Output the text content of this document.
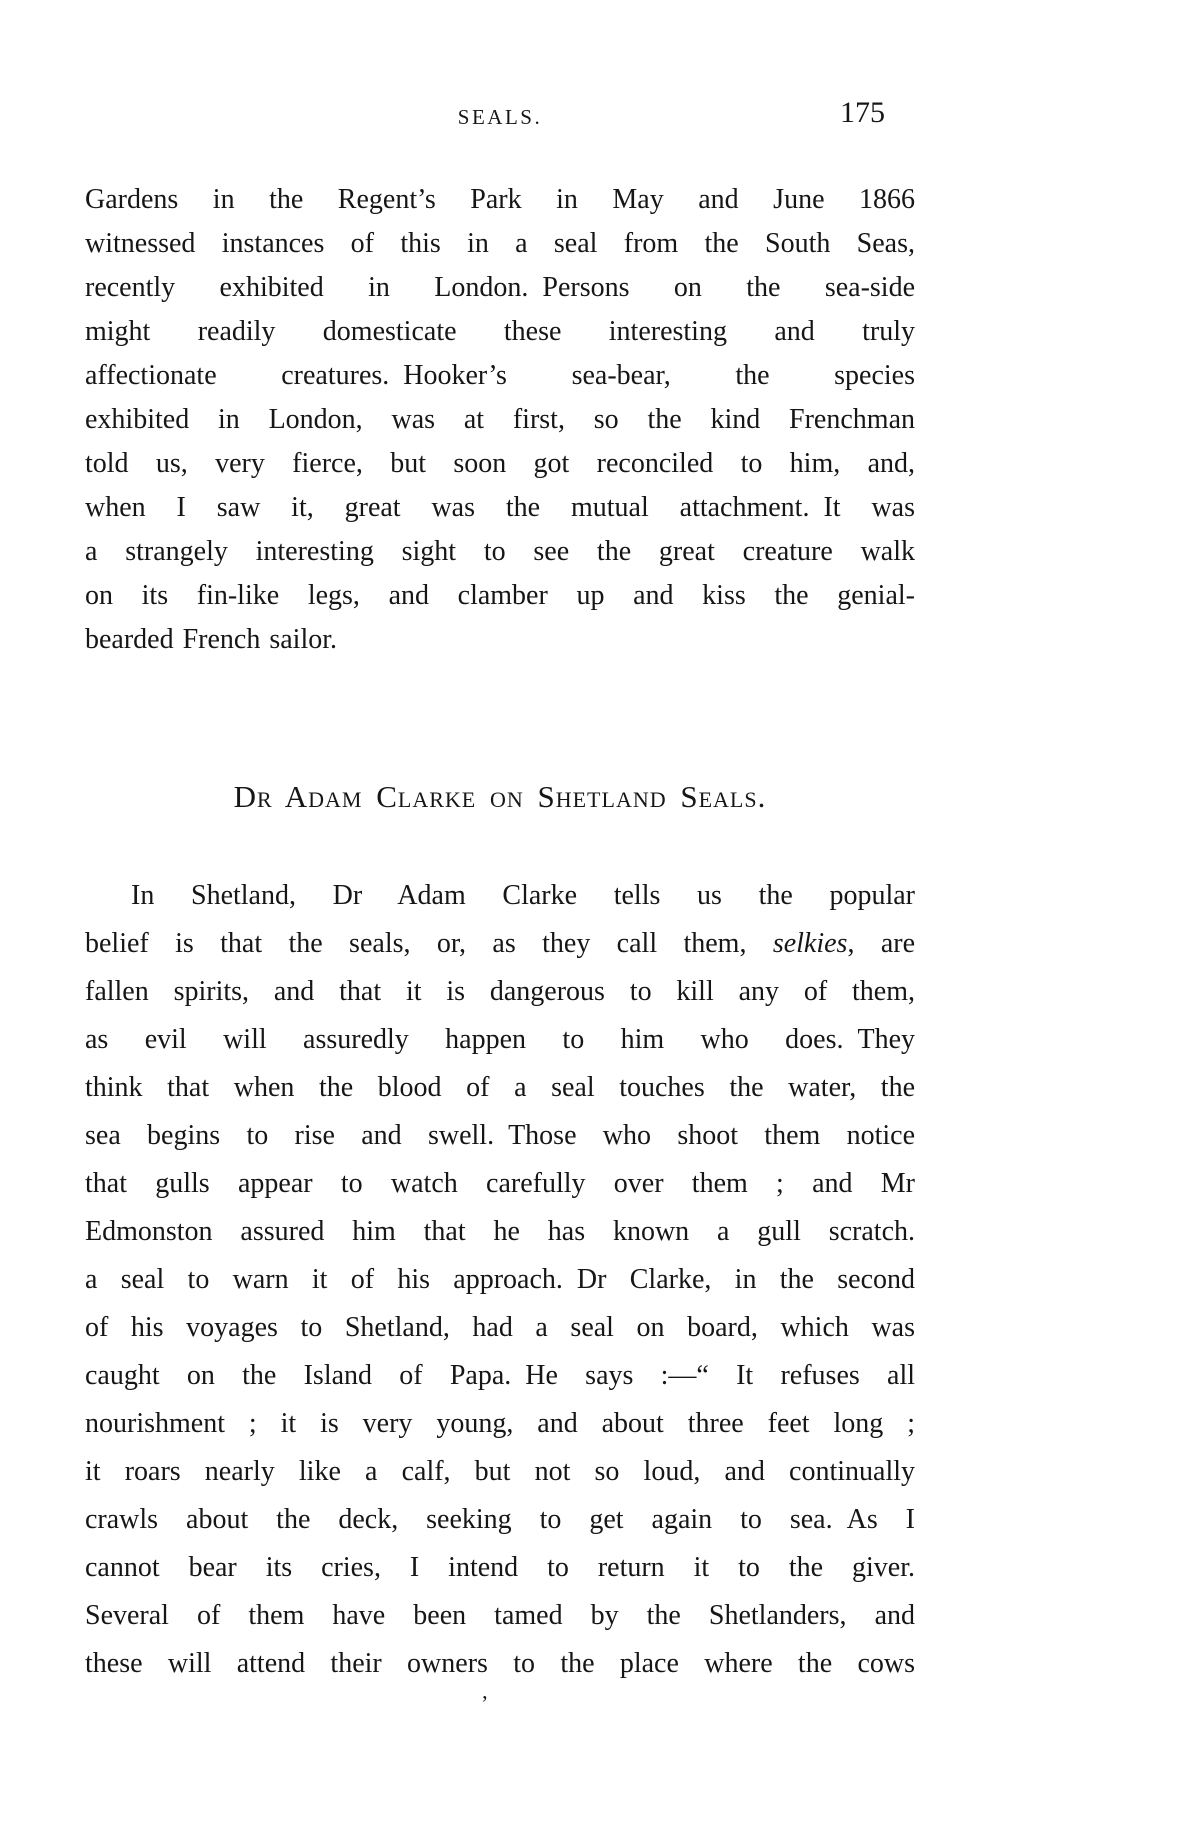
SEALS.	175
Gardens in the Regent’s Park in May and June 1866
witnessed instances of this in a seal from the South Seas,
recently exhibited in London. Persons on the sea-side
might readily domesticate these interesting and truly
affectionate creatures. Hooker’s sea-bear, the species
exhibited in London, was at first, so the kind Frenchman
told us, very fierce, but soon got reconciled to him, and,
when I saw it, great was the mutual attachment. It was
a strangely interesting sight to see the great creature walk
on its fin-like legs, and clamber up and kiss the genial-
bearded French sailor.
Dr Adam Clarke on Shetland Seals.
In Shetland, Dr Adam Clarke tells us the popular
belief is that the seals, or, as they call them, selkies, are
fallen spirits, and that it is dangerous to kill any of them,
as evil will assuredly happen to him who does. They
think that when the blood of a seal touches the water, the
sea begins to rise and swell. Those who shoot them notice
that gulls appear to watch carefully over them ; and Mr
Edmonston assured him that he has known a gull scratch.
a seal to warn it of his approach. Dr Clarke, in the second
of his voyages to Shetland, had a seal on board, which was
caught on the Island of Papa. He says :—“ It refuses all
nourishment ; it is very young, and about three feet long ;
it roars nearly like a calf, but not so loud, and continually
crawls about the deck, seeking to get again to sea. As I
cannot bear its cries, I intend to return it to the giver.
Several of them have been tamed by the Shetlanders, and
these will attend their owners to the place where the cows
ʼ
